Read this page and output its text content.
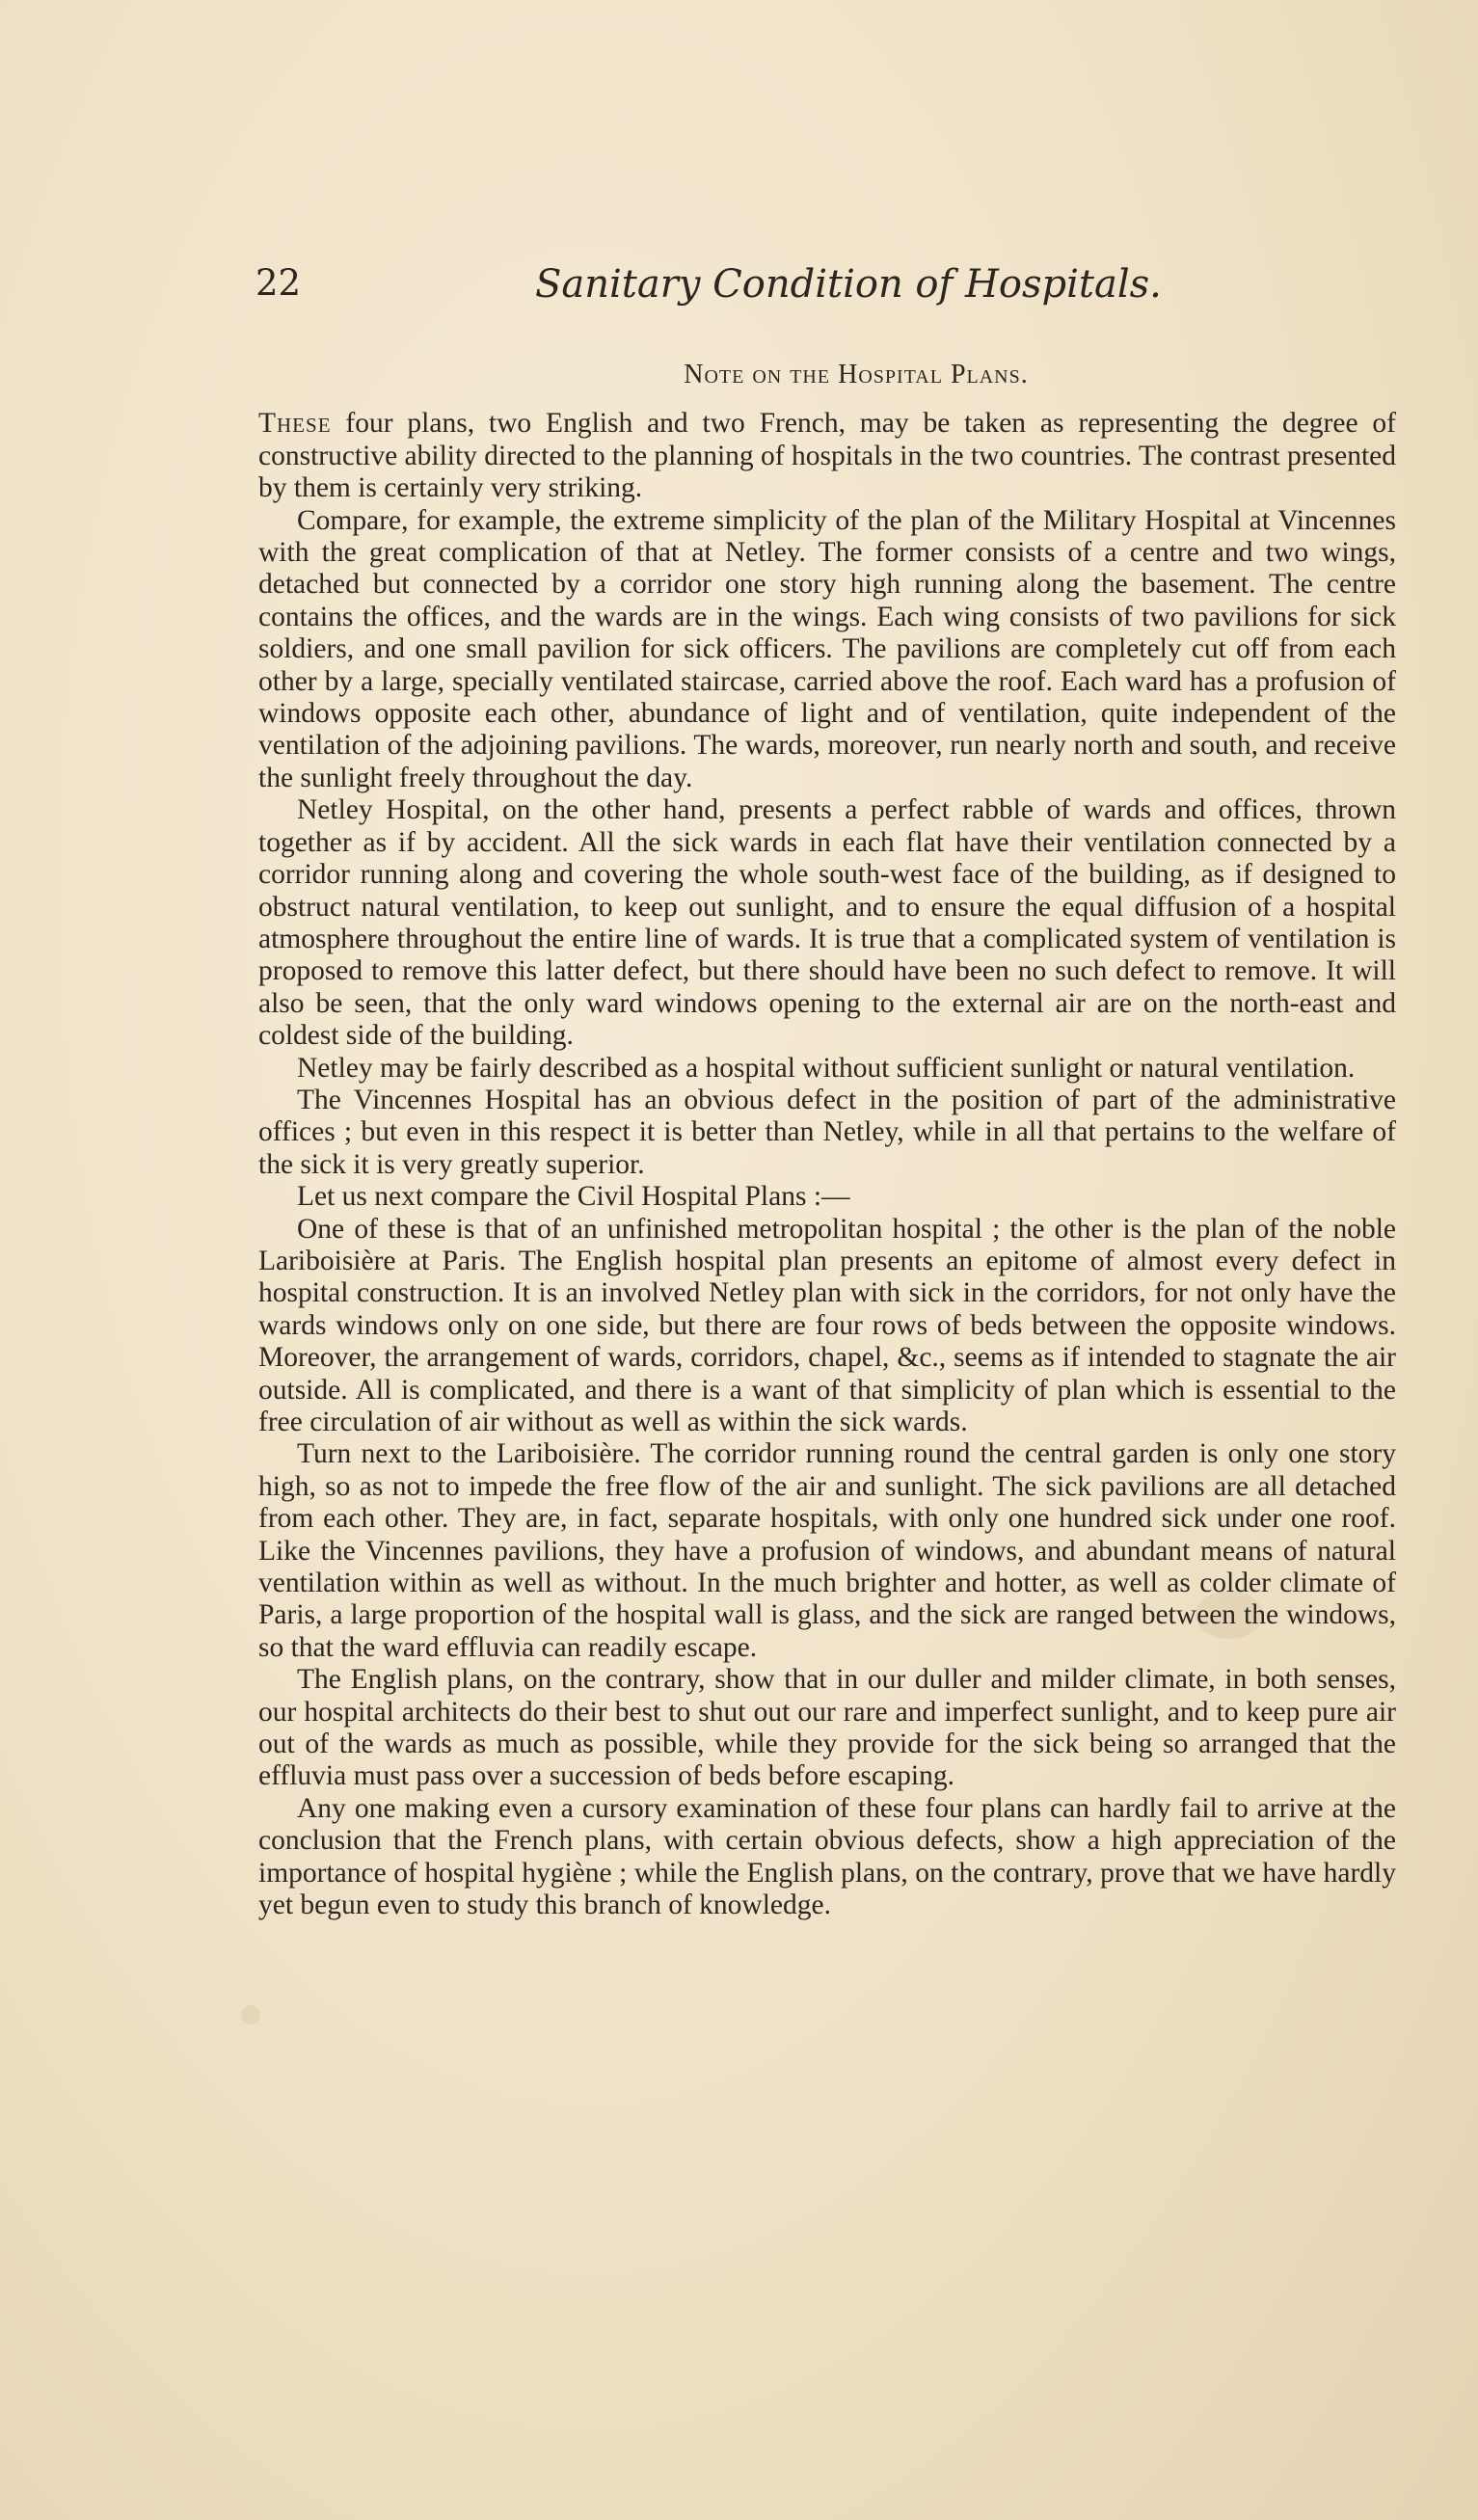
22	Sanitary Condition of Hospitals.
Note on the Hospital Plans.

These four plans, two English and two French, may be taken as representing the degree of constructive ability directed to the planning of hospitals in the two countries. The contrast presented by them is certainly very striking.

Compare, for example, the extreme simplicity of the plan of the Military Hospital at Vincennes with the great complication of that at Netley. The former consists of a centre and two wings, detached but connected by a corridor one story high running along the basement. The centre contains the offices, and the wards are in the wings. Each wing consists of two pavilions for sick soldiers, and one small pavilion for sick officers. The pavilions are completely cut off from each other by a large, specially ventilated staircase, carried above the roof. Each ward has a profusion of windows opposite each other, abundance of light and of ventilation, quite independent of the ventilation of the adjoining pavilions. The wards, moreover, run nearly north and south, and receive the sunlight freely throughout the day.

Netley Hospital, on the other hand, presents a perfect rabble of wards and offices, thrown together as if by accident. All the sick wards in each flat have their ventilation connected by a corridor running along and covering the whole south-west face of the building, as if designed to obstruct natural ventilation, to keep out sunlight, and to ensure the equal diffusion of a hospital atmosphere throughout the entire line of wards. It is true that a complicated system of ventilation is proposed to remove this latter defect, but there should have been no such defect to remove. It will also be seen, that the only ward windows opening to the external air are on the north-east and coldest side of the building.

Netley may be fairly described as a hospital without sufficient sunlight or natural ventilation.

The Vincennes Hospital has an obvious defect in the position of part of the administrative offices ; but even in this respect it is better than Netley, while in all that pertains to the welfare of the sick it is very greatly superior.

Let us next compare the Civil Hospital Plans :—

One of these is that of an unfinished metropolitan hospital ; the other is the plan of the noble Lariboisière at Paris. The English hospital plan presents an epitome of almost every defect in hospital construction. It is an involved Netley plan with sick in the corridors, for not only have the wards windows only on one side, but there are four rows of beds between the opposite windows. Moreover, the arrangement of wards, corridors, chapel, &c., seems as if intended to stagnate the air outside. All is complicated, and there is a want of that simplicity of plan which is essential to the free circulation of air without as well as within the sick wards.

Turn next to the Lariboisière. The corridor running round the central garden is only one story high, so as not to impede the free flow of the air and sunlight. The sick pavilions are all detached from each other. They are, in fact, separate hospitals, with only one hundred sick under one roof. Like the Vincennes pavilions, they have a profusion of windows, and abundant means of natural ventilation within as well as without. In the much brighter and hotter, as well as colder climate of Paris, a large proportion of the hospital wall is glass, and the sick are ranged between the windows, so that the ward effluvia can readily escape.

The English plans, on the contrary, show that in our duller and milder climate, in both senses, our hospital architects do their best to shut out our rare and imperfect sunlight, and to keep pure air out of the wards as much as possible, while they provide for the sick being so arranged that the effluvia must pass over a succession of beds before escaping.

Any one making even a cursory examination of these four plans can hardly fail to arrive at the conclusion that the French plans, with certain obvious defects, show a high appreciation of the importance of hospital hygiène ; while the English plans, on the contrary, prove that we have hardly yet begun even to study this branch of knowledge.
